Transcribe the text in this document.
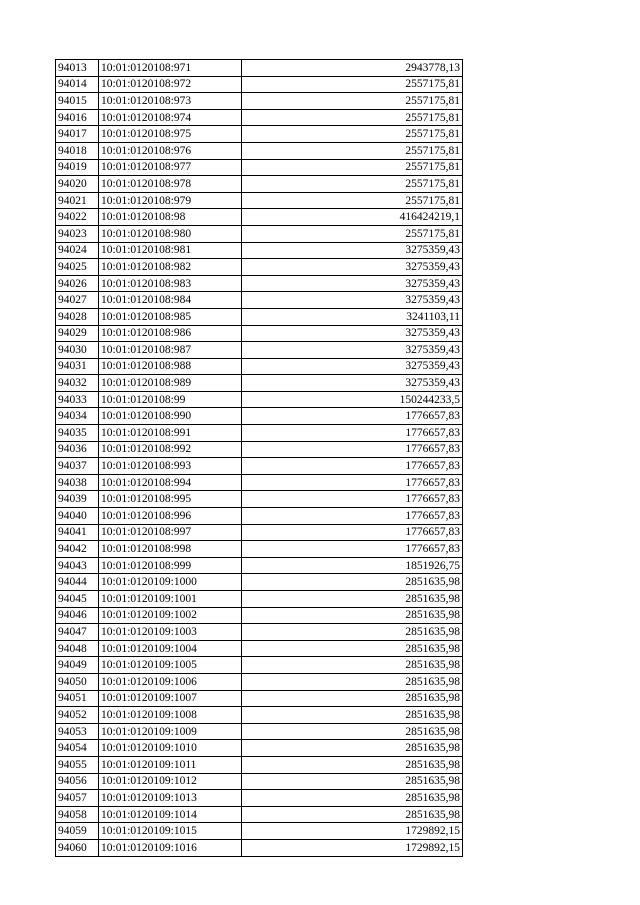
94013	10:01:0120108:971	2943778,13
94014	10:01:0120108:972	2557175,81
94015	10:01:0120108:973	2557175,81
94016	10:01:0120108:974	2557175,81
94017	10:01:0120108:975	2557175,81
94018	10:01:0120108:976	2557175,81
94019	10:01:0120108:977	2557175,81
94020	10:01:0120108:978	2557175,81
94021	10:01:0120108:979	2557175,81
94022	10:01:0120108:98	416424219,1
94023	10:01:0120108:980	2557175,81
94024	10:01:0120108:981	3275359,43
94025	10:01:0120108:982	3275359,43
94026	10:01:0120108:983	3275359,43
94027	10:01:0120108:984	3275359,43
94028	10:01:0120108:985	3241103,11
94029	10:01:0120108:986	3275359,43
94030	10:01:0120108:987	3275359,43
94031	10:01:0120108:988	3275359,43
94032	10:01:0120108:989	3275359,43
94033	10:01:0120108:99	150244233,5
94034	10:01:0120108:990	1776657,83
94035	10:01:0120108:991	1776657,83
94036	10:01:0120108:992	1776657,83
94037	10:01:0120108:993	1776657,83
94038	10:01:0120108:994	1776657,83
94039	10:01:0120108:995	1776657,83
94040	10:01:0120108:996	1776657,83
94041	10:01:0120108:997	1776657,83
94042	10:01:0120108:998	1776657,83
94043	10:01:0120108:999	1851926,75
94044	10:01:0120109:1000	2851635,98
94045	10:01:0120109:1001	2851635,98
94046	10:01:0120109:1002	2851635,98
94047	10:01:0120109:1003	2851635,98
94048	10:01:0120109:1004	2851635,98
94049	10:01:0120109:1005	2851635,98
94050	10:01:0120109:1006	2851635,98
94051	10:01:0120109:1007	2851635,98
94052	10:01:0120109:1008	2851635,98
94053	10:01:0120109:1009	2851635,98
94054	10:01:0120109:1010	2851635,98
94055	10:01:0120109:1011	2851635,98
94056	10:01:0120109:1012	2851635,98
94057	10:01:0120109:1013	2851635,98
94058	10:01:0120109:1014	2851635,98
94059	10:01:0120109:1015	1729892,15
94060	10:01:0120109:1016	1729892,15
